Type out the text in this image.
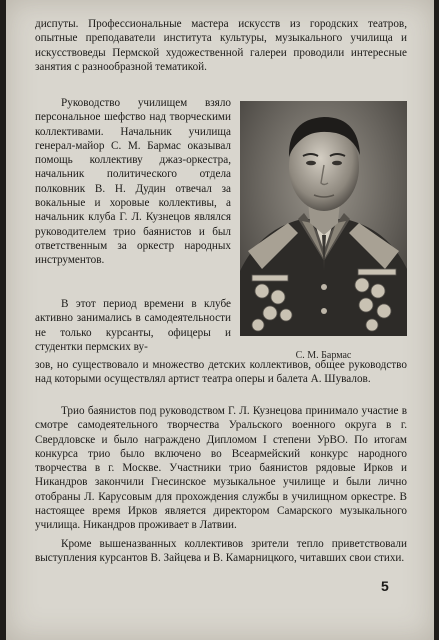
диспуты. Профессиональные мастера искусств из городских театров, опытные преподаватели института культуры, музыкального училища и искусствоведы Пермской художественной галереи проводили интересные занятия с разнообразной тематикой.

Руководство училищем взяло персональное шефство над творческими коллективами. Начальник училища генерал-майор С. М. Бармас оказывал помощь коллективу джаз-оркестра, начальник политического отдела полковник В. Н. Дудин отвечал за вокальные и хоровые коллективы, а начальник клуба Г. Л. Кузнецов являлся руководителем трио баянистов и был ответственным за оркестр народных инструментов.

В этот период времени в клубе активно занимались в самодеятельности не только курсанты, офицеры и студентки пермских ву-

зов, но существовало и множество детских коллективов, общее руководство над которыми осуществлял артист театра оперы и балета А. Шувалов.

С. М. Бармас

Трио баянистов под руководством Г. Л. Кузнецова принимало участие в смотре самодеятельного творчества Уральского военного округа в г. Свердловске и было награждено Дипломом I степени УрВО. По итогам конкурса трио было включено во Всеармейский конкурс народного творчества в г. Москве. Участники трио баянистов рядовые Ирков и Никандров закончили Гнесинское музыкальное училище и были лично отобраны Л. Карусовым для прохождения службы в училищном оркестре. В настоящее время Ирков является директором Самарского музыкального училища. Никандров проживает в Латвии.

Кроме вышеназванных коллективов зрители тепло приветствовали выступления курсантов В. Зайцева и В. Камарницкого, читавших свои стихи.

5
